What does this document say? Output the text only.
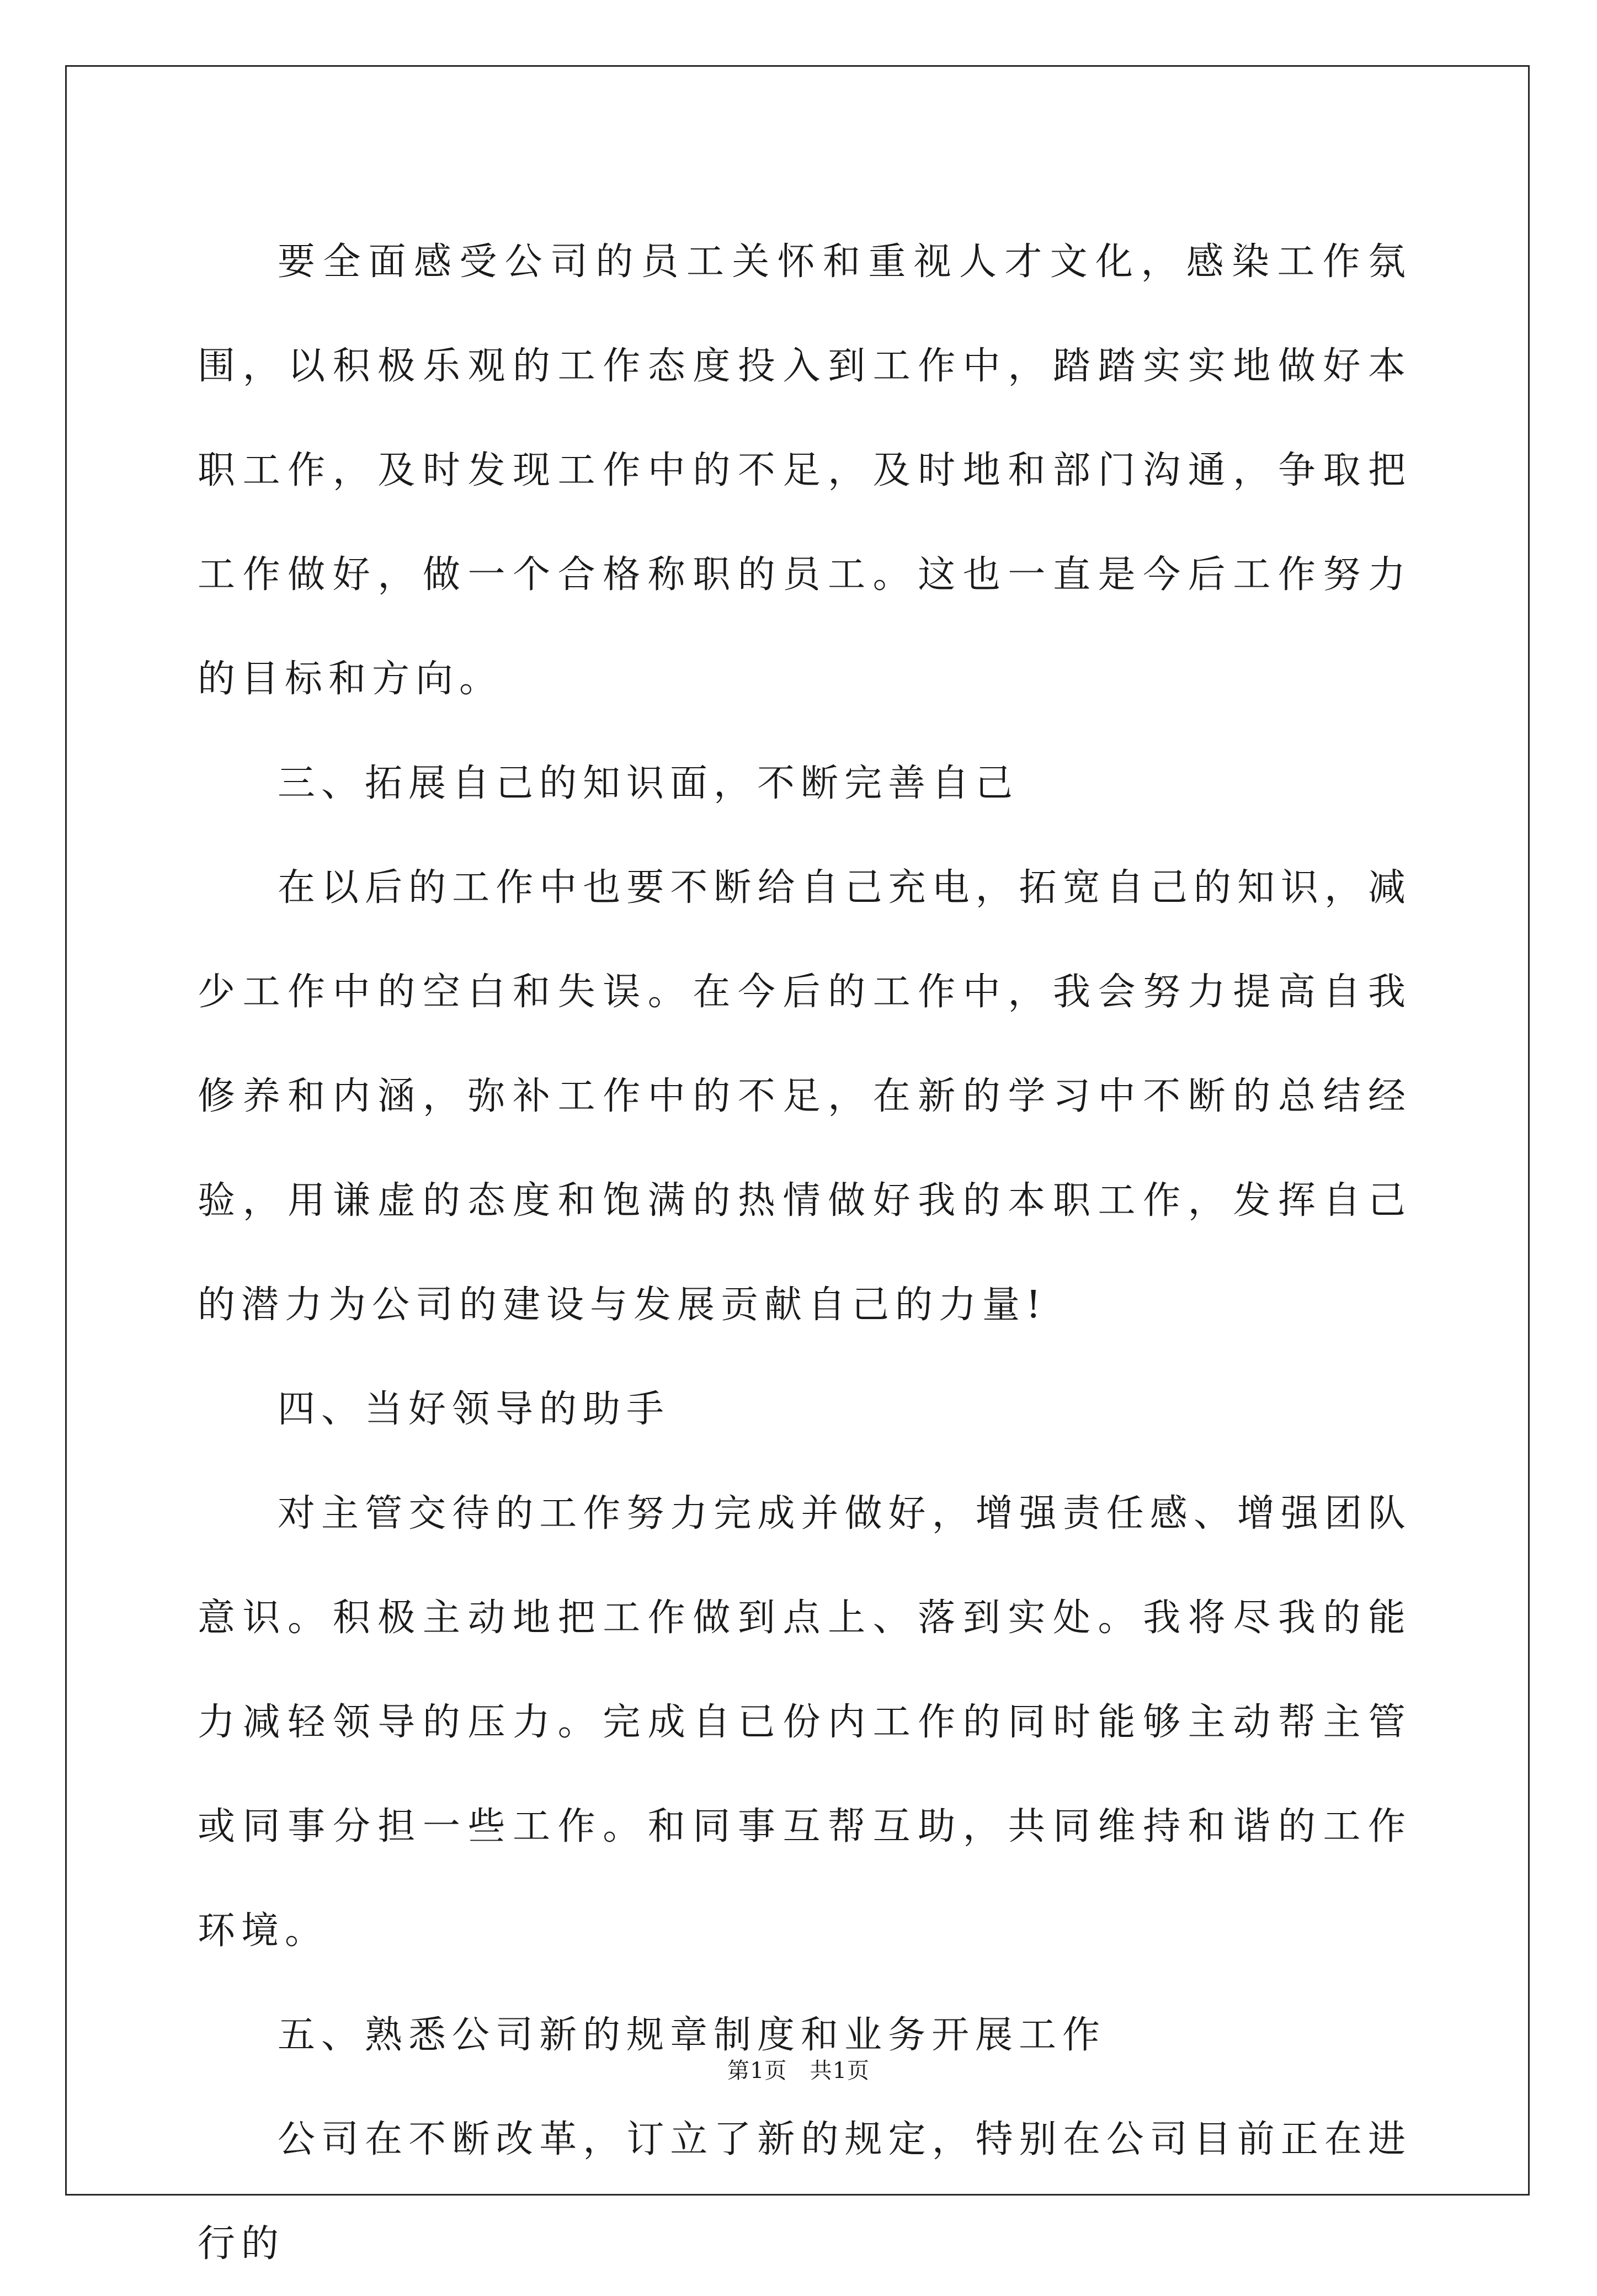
要全面感受公司的员工关怀和重视人才文化，感染工作氛围，以积极乐观的工作态度投入到工作中，踏踏实实地做好本职工作，及时发现工作中的不足，及时地和部门沟通，争取把工作做好，做一个合格称职的员工。这也一直是今后工作努力的目标和方向。

三、拓展自己的知识面，不断完善自己

在以后的工作中也要不断给自己充电，拓宽自己的知识，减少工作中的空白和失误。在今后的工作中，我会努力提高自我修养和内涵，弥补工作中的不足，在新的学习中不断的总结经验，用谦虚的态度和饱满的热情做好我的本职工作，发挥自己的潜力为公司的建设与发展贡献自己的力量!

四、当好领导的助手

对主管交待的工作努力完成并做好，增强责任感、增强团队意识。积极主动地把工作做到点上、落到实处。我将尽我的能力减轻领导的压力。完成自已份内工作的同时能够主动帮主管或同事分担一些工作。和同事互帮互助，共同维持和谐的工作环境。

五、熟悉公司新的规章制度和业务开展工作

公司在不断改革，订立了新的规定，特别在公司目前正在进行的

第1页 共1页
